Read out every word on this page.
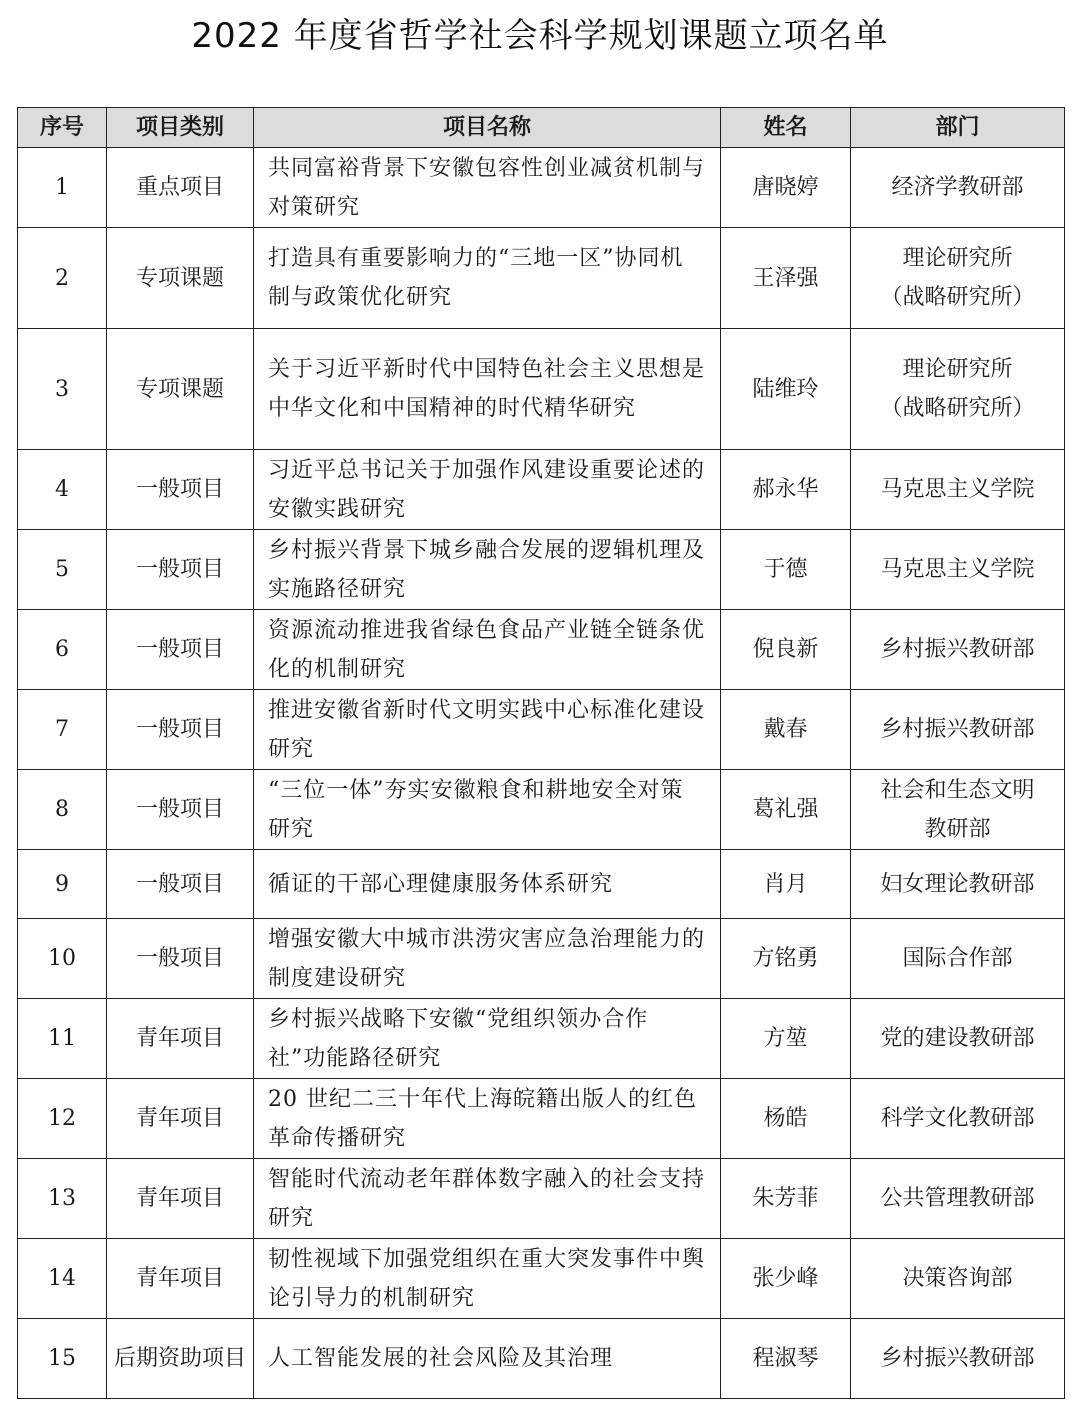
2022 年度省哲学社会科学规划课题立项名单
序号	项目类别	项目名称	姓名	部门
1	重点项目	共同富裕背景下安徽包容性创业减贫机制与对策研究	唐晓婷	经济学教研部

2	专项课题	打造具有重要影响力的“三地一区”协同机制与政策优化研究	王泽强	理论研究所
（战略研究所）

3	专项课题	关于习近平新时代中国特色社会主义思想是中华文化和中国精神的时代精华研究	陆维玲	理论研究所
（战略研究所）

4	一般项目	习近平总书记关于加强作风建设重要论述的安徽实践研究	郝永华	马克思主义学院

5	一般项目	乡村振兴背景下城乡融合发展的逻辑机理及实施路径研究	于德	马克思主义学院

6	一般项目	资源流动推进我省绿色食品产业链全链条优化的机制研究	倪良新	乡村振兴教研部

7	一般项目	推进安徽省新时代文明实践中心标准化建设研究	戴春	乡村振兴教研部

8	一般项目	“三位一体”夯实安徽粮食和耕地安全对策研究	葛礼强	社会和生态文明
教研部

9	一般项目	循证的干部心理健康服务体系研究	肖月	妇女理论教研部

10	一般项目	增强安徽大中城市洪涝灾害应急治理能力的制度建设研究	方铭勇	国际合作部

11	青年项目	乡村振兴战略下安徽“党组织领办合作社”功能路径研究	方堃	党的建设教研部

12	青年项目	20 世纪二三十年代上海皖籍出版人的红色革命传播研究	杨皓	科学文化教研部

13	青年项目	智能时代流动老年群体数字融入的社会支持研究	朱芳菲	公共管理教研部

14	青年项目	韧性视域下加强党组织在重大突发事件中舆论引导力的机制研究	张少峰	决策咨询部

15	后期资助项目	人工智能发展的社会风险及其治理	程淑琴	乡村振兴教研部
